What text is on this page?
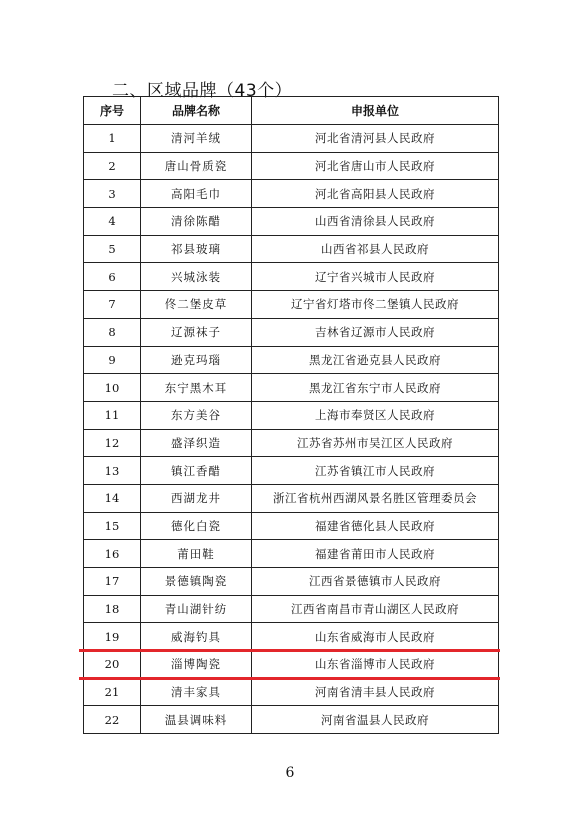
二、区域品牌（43个）
序号	品牌名称	申报单位
1	清河羊绒	河北省清河县人民政府
2	唐山骨质瓷	河北省唐山市人民政府
3	高阳毛巾	河北省高阳县人民政府
4	清徐陈醋	山西省清徐县人民政府
5	祁县玻璃	山西省祁县人民政府
6	兴城泳装	辽宁省兴城市人民政府
7	佟二堡皮草	辽宁省灯塔市佟二堡镇人民政府
8	辽源袜子	吉林省辽源市人民政府
9	逊克玛瑙	黑龙江省逊克县人民政府
10	东宁黑木耳	黑龙江省东宁市人民政府
11	东方美谷	上海市奉贤区人民政府
12	盛泽织造	江苏省苏州市吴江区人民政府
13	镇江香醋	江苏省镇江市人民政府
14	西湖龙井	浙江省杭州西湖风景名胜区管理委员会
15	德化白瓷	福建省德化县人民政府
16	莆田鞋	福建省莆田市人民政府
17	景德镇陶瓷	江西省景德镇市人民政府
18	青山湖针纺	江西省南昌市青山湖区人民政府
19	威海钓具	山东省威海市人民政府
20	淄博陶瓷	山东省淄博市人民政府
21	清丰家具	河南省清丰县人民政府
22	温县调味料	河南省温县人民政府
6
